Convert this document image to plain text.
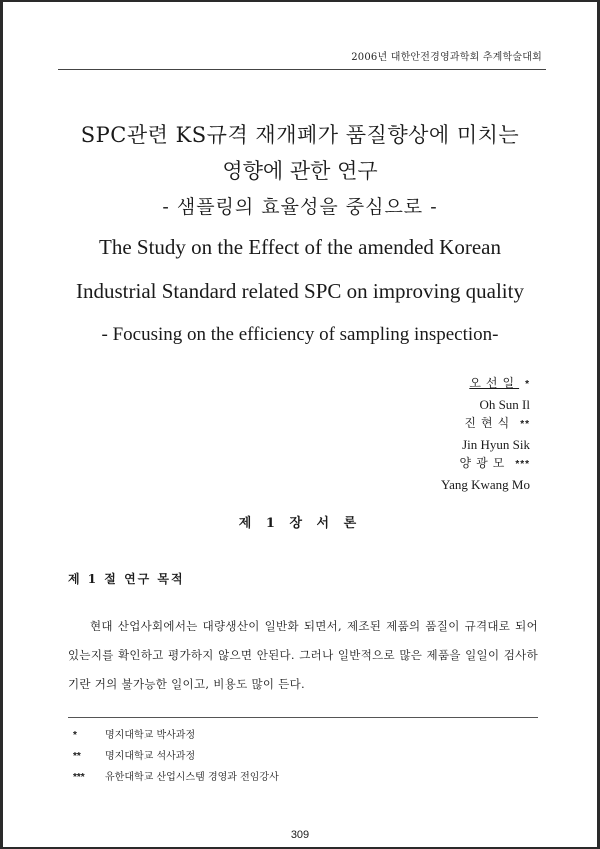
2006년 대한안전경영과학회 추계학술대회
SPC관련 KS규격 재개폐가 품질향상에 미치는
영향에 관한 연구
- 샘플링의 효율성을 중심으로 -
The Study on the Effect of the amended Korean
Industrial Standard related SPC on improving quality
- Focusing on the efficiency of sampling inspection-
오선일 *
Oh Sun Il
진현식 **
Jin Hyun Sik
양광모 ***
Yang Kwang Mo
제 1 장 서 론
제 1 절 연구 목적
현대 산업사회에서는 대량생산이 일반화 되면서, 제조된 제품의 품질이 규격대로 되어있는지를 확인하고 평가하지 않으면 안된다. 그러나 일반적으로 많은 제품을 일일이 검사하기란 거의 불가능한 일이고, 비용도 많이 든다.
*	명지대학교 박사과정
** 명지대학교 석사과정
*** 유한대학교 산업시스템 경영과 전임강사
309
